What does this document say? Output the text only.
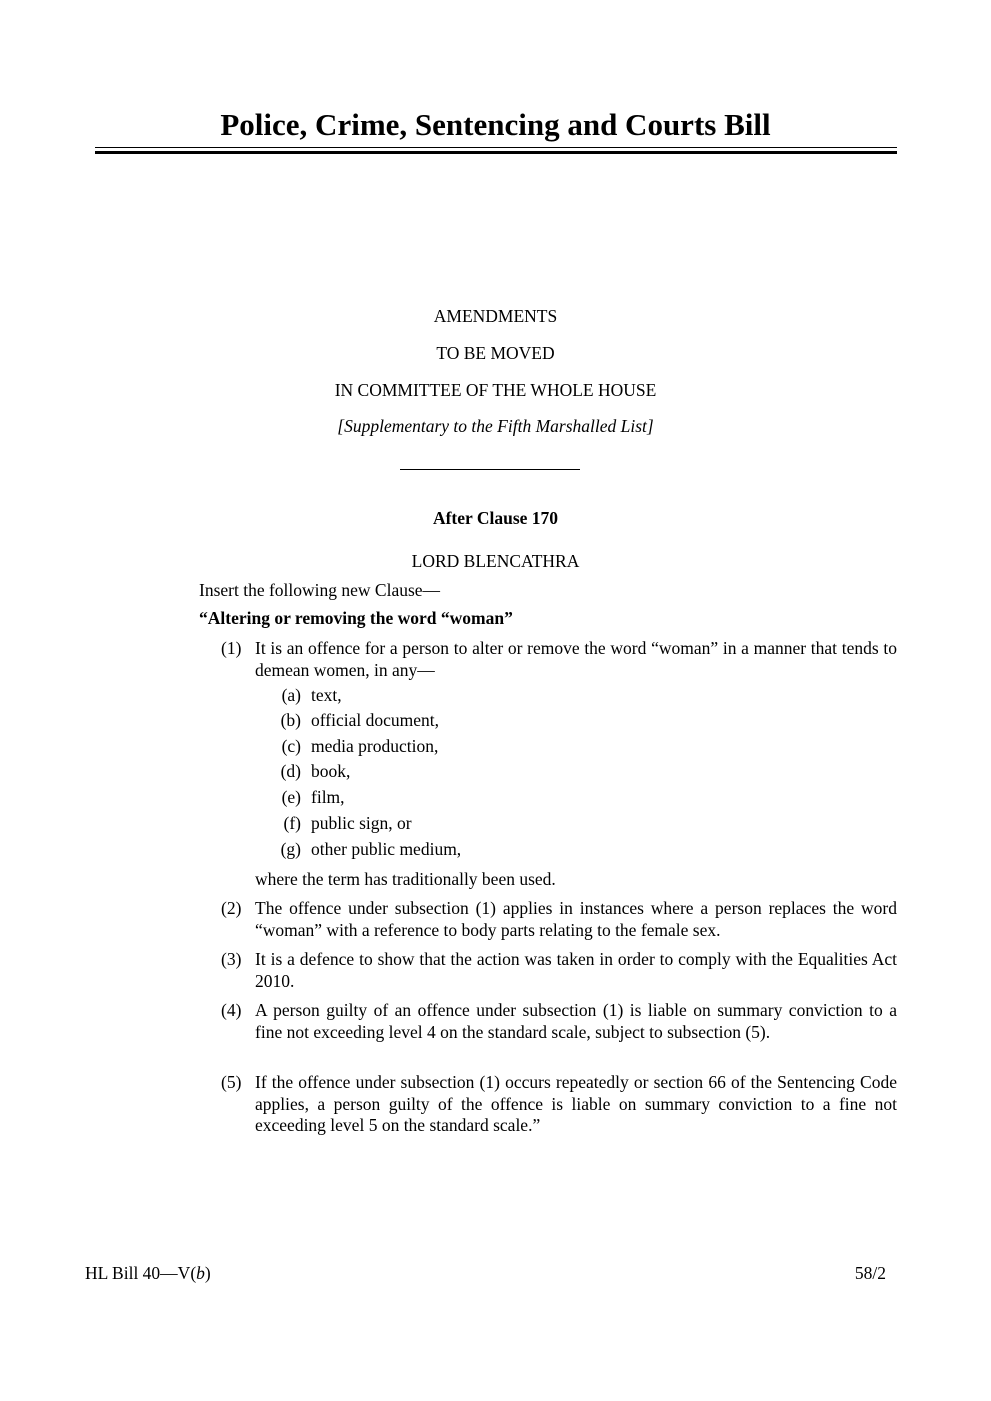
Police, Crime, Sentencing and Courts Bill
AMENDMENTS
TO BE MOVED
IN COMMITTEE OF THE WHOLE HOUSE
[Supplementary to the Fifth Marshalled List]
After Clause 170
LORD BLENCATHRA
Insert the following new Clause—
“Altering or removing the word “woman”
(1) It is an offence for a person to alter or remove the word “woman” in a manner that tends to demean women, in any—
(a) text,
(b) official document,
(c) media production,
(d) book,
(e) film,
(f) public sign, or
(g) other public medium,
where the term has traditionally been used.
(2) The offence under subsection (1) applies in instances where a person replaces the word “woman” with a reference to body parts relating to the female sex.
(3) It is a defence to show that the action was taken in order to comply with the Equalities Act 2010.
(4) A person guilty of an offence under subsection (1) is liable on summary conviction to a fine not exceeding level 4 on the standard scale, subject to subsection (5).
(5) If the offence under subsection (1) occurs repeatedly or section 66 of the Sentencing Code applies, a person guilty of the offence is liable on summary conviction to a fine not exceeding level 5 on the standard scale.”
HL Bill 40—V(b)	58/2
